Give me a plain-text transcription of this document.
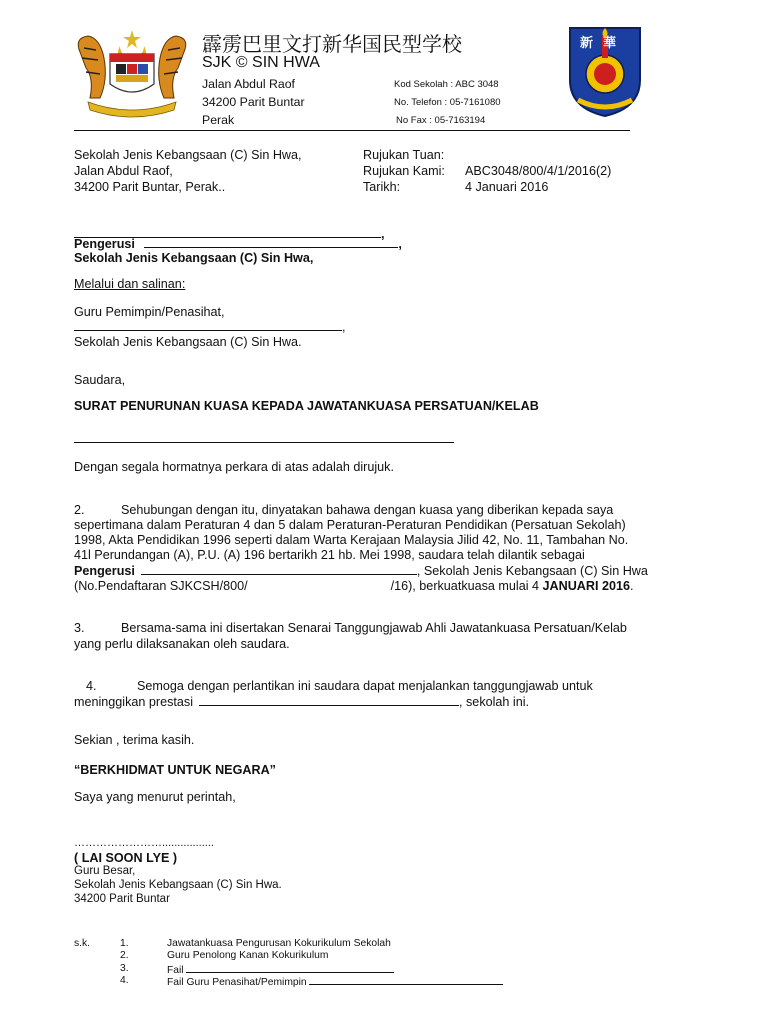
霹雳巴里文打新华国民型学校
SJK © SIN HWA
Jalan Abdul Raof
34200 Parit Buntar
Perak
Kod Sekolah : ABC 3048
No. Telefon : 05-7161080
No Fax : 05-7163194
新華
Sekolah Jenis Kebangsaan (C) Sin Hwa,
Jalan Abdul Raof,
34200 Parit Buntar, Perak..
Rujukan Tuan:
Rujukan Kami: ABC3048/800/4/1/2016(2)
Tarikh:	4 Januari 2016
,
Pengerusi	,
Sekolah Jenis Kebangsaan (C) Sin Hwa,
Melalui dan salinan:
Guru Pemimpin/Penasihat,
,
Sekolah Jenis Kebangsaan (C) Sin Hwa.
Saudara,
SURAT PENURUNAN KUASA KEPADA JAWATANKUASA PERSATUAN/KELAB
Dengan segala hormatnya perkara di atas adalah dirujuk.
2.	Sehubungan dengan itu, dinyatakan bahawa dengan kuasa yang diberikan kepada saya
sepertimana dalam Peraturan 4 dan 5 dalam Peraturan-Peraturan Pendidikan (Persatuan Sekolah)
1998, Akta Pendidikan 1996 seperti dalam Warta Kerajaan Malaysia Jilid 42, No. 11, Tambahan No.
41l Perundangan (A), P.U. (A) 196 bertarikh 21 hb. Mei 1998, saudara telah dilantik sebagai
Pengerusi	, Sekolah Jenis Kebangsaan (C) Sin Hwa
(No.Pendaftaran SJKCSH/800/	/16), berkuatkuasa mulai 4 JANUARI 2016.
3.	Bersama-sama ini disertakan Senarai Tanggungjawab Ahli Jawatankuasa Persatuan/Kelab
yang perlu dilaksanakan oleh saudara.
4.	Semoga dengan perlantikan ini saudara dapat menjalankan tanggungjawab untuk
meninggikan prestasi	, sekolah ini.
Sekian , terima kasih.
“BERKHIDMAT UNTUK NEGARA”
Saya yang menurut perintah,
…………………….................
( LAI SOON LYE )
Guru Besar,
Sekolah Jenis Kebangsaan (C) Sin Hwa.
34200 Parit Buntar
s.k.	1.	Jawatankuasa Pengurusan Kokurikulum Sekolah
2.	Guru Penolong Kanan Kokurikulum
3.	Fail
4.	Fail Guru Penasihat/Pemimpin
